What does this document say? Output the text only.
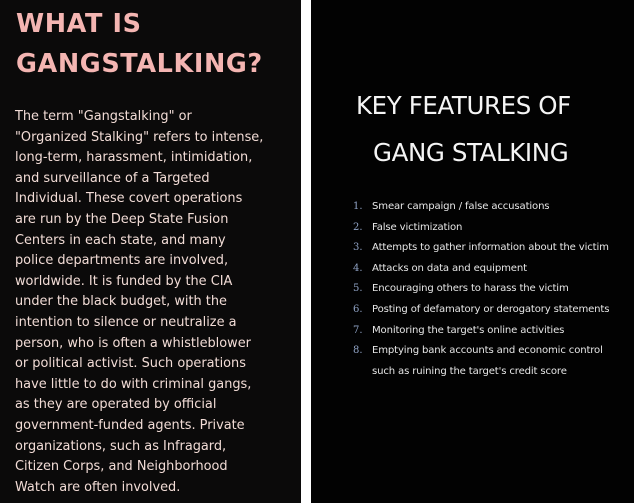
WHAT IS
GANGSTALKING?

The term "Gangstalking" or
"Organized Stalking" refers to intense,
long-term, harassment, intimidation,
and surveillance of a Targeted
Individual. These covert operations
are run by the Deep State Fusion
Centers in each state, and many
police departments are involved,
worldwide. It is funded by the CIA
under the black budget, with the
intention to silence or neutralize a
person, who is often a whistleblower
or political activist. Such operations
have little to do with criminal gangs,
as they are operated by official
government-funded agents. Private
organizations, such as Infragard,
Citizen Corps, and Neighborhood
Watch are often involved.

KEY FEATURES OF
GANG STALKING
1. Smear campaign / false accusations
2. False victimization
3. Attempts to gather information about the victim
4. Attacks on data and equipment
5. Encouraging others to harass the victim
6. Posting of defamatory or derogatory statements
7. Monitoring the target's online activities
8. Emptying bank accounts and economic control
such as ruining the target's credit score
